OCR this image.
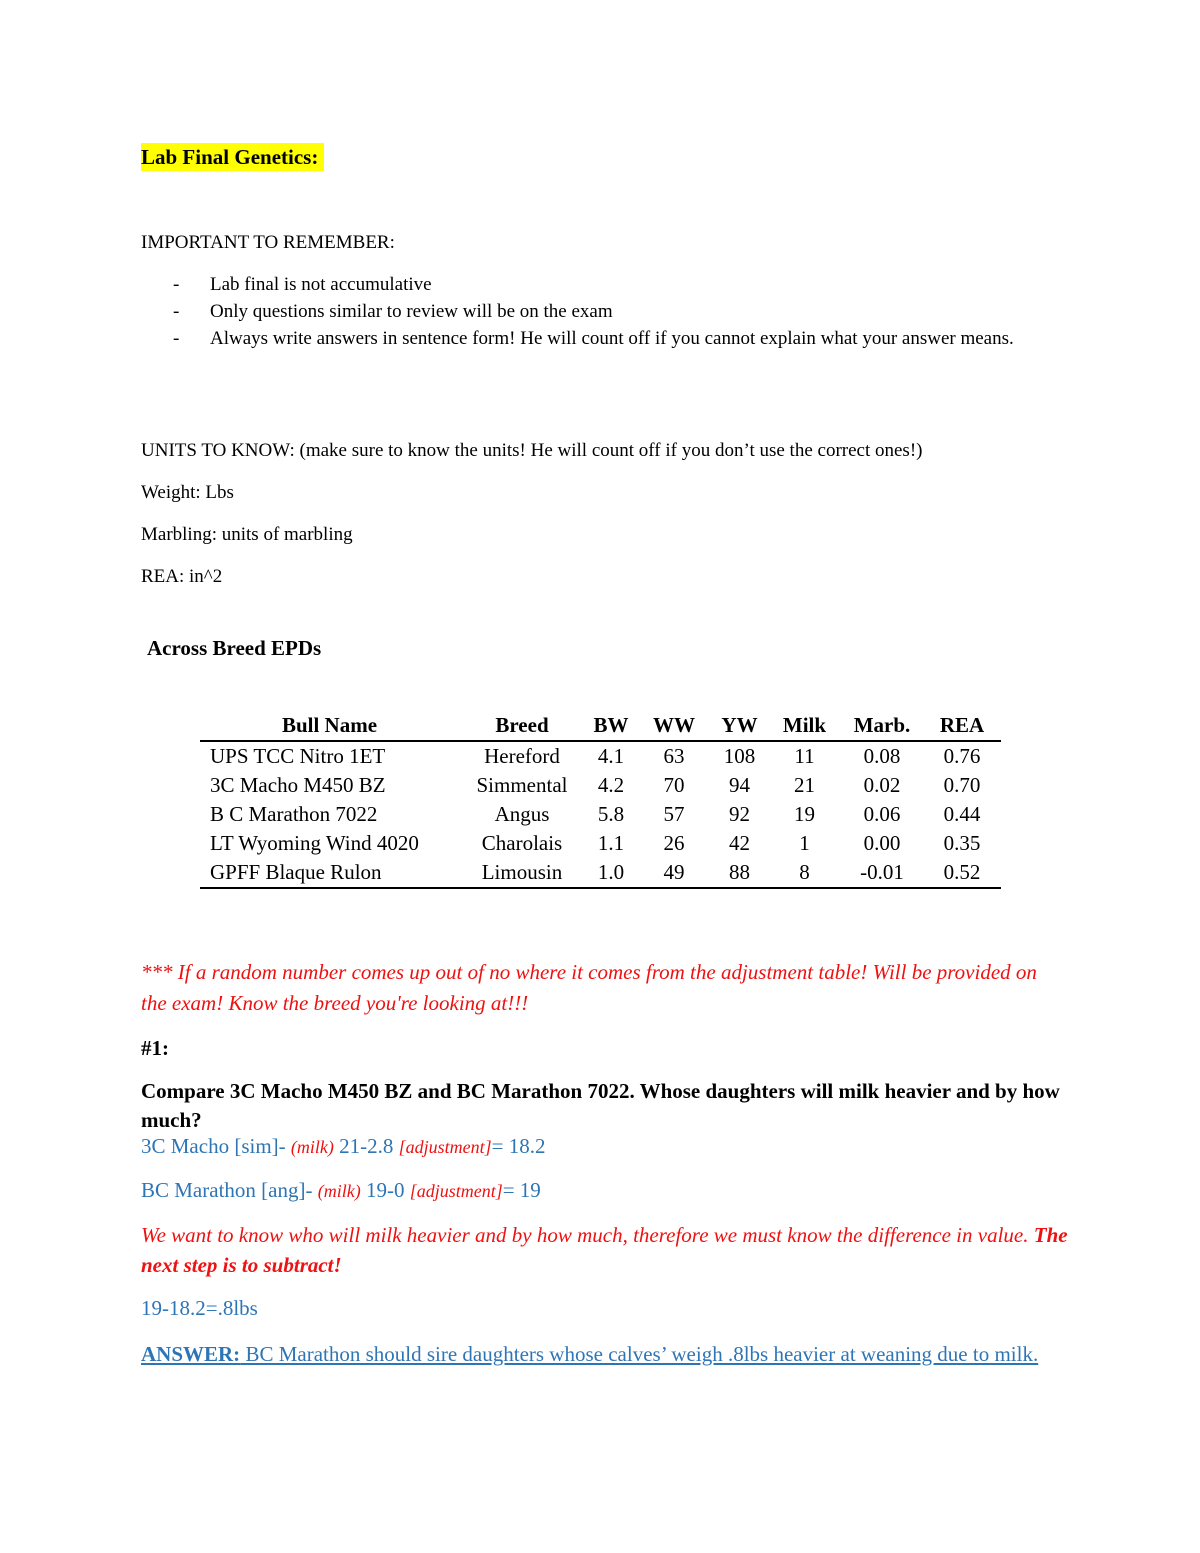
Lab Final Genetics:
IMPORTANT TO REMEMBER:
- Lab final is not accumulative
- Only questions similar to review will be on the exam
- Always write answers in sentence form! He will count off if you cannot explain what your answer means.
UNITS TO KNOW: (make sure to know the units! He will count off if you don’t use the correct ones!)
Weight: Lbs
Marbling: units of marbling
REA: in^2
Across Breed EPDs
Bull Name	Breed	BW	WW	YW	Milk	Marb.	REA
UPS TCC Nitro 1ET	Hereford	4.1	63	108	11	0.08	0.76
3C Macho M450 BZ	Simmental	4.2	70	94	21	0.02	0.70
B C Marathon 7022	Angus	5.8	57	92	19	0.06	0.44
LT Wyoming Wind 4020	Charolais	1.1	26	42	1	0.00	0.35
GPFF Blaque Rulon	Limousin	1.0	49	88	8	-0.01	0.52
*** If a random number comes up out of no where it comes from the adjustment table! Will be provided on the exam! Know the breed you're looking at!!!
#1:
Compare 3C Macho M450 BZ and BC Marathon 7022. Whose daughters will milk heavier and by how much?
3C Macho [sim]- (milk) 21-2.8 [adjustment]= 18.2
BC Marathon [ang]- (milk) 19-0 [adjustment]= 19
We want to know who will milk heavier and by how much, therefore we must know the difference in value. The next step is to subtract!
19-18.2=.8lbs
ANSWER: BC Marathon should sire daughters whose calves’ weigh .8lbs heavier at weaning due to milk.
